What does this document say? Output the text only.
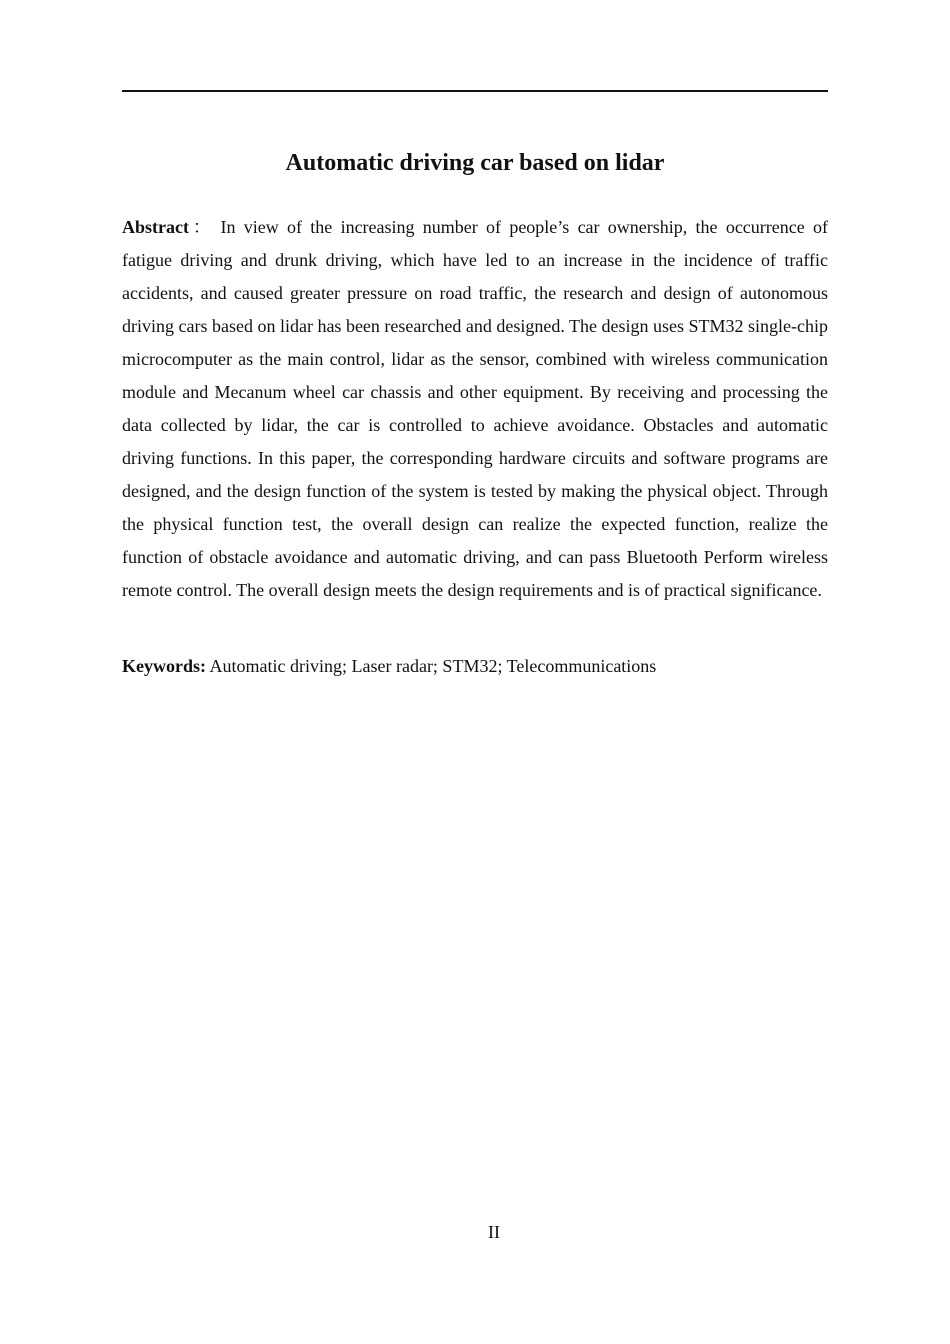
Automatic driving car based on lidar

Abstract： In view of the increasing number of people’s car ownership, the occurrence of fatigue driving and drunk driving, which have led to an increase in the incidence of traffic accidents, and caused greater pressure on road traffic, the research and design of autonomous driving cars based on lidar has been researched and designed. The design uses STM32 single-chip microcomputer as the main control, lidar as the sensor, combined with wireless communication module and Mecanum wheel car chassis and other equipment. By receiving and processing the data collected by lidar, the car is controlled to achieve avoidance. Obstacles and automatic driving functions. In this paper, the corresponding hardware circuits and software programs are designed, and the design function of the system is tested by making the physical object. Through the physical function test, the overall design can realize the expected function, realize the function of obstacle avoidance and automatic driving, and can pass Bluetooth Perform wireless remote control. The overall design meets the design requirements and is of practical significance.

Keywords: Automatic driving; Laser radar; STM32; Telecommunications

II
